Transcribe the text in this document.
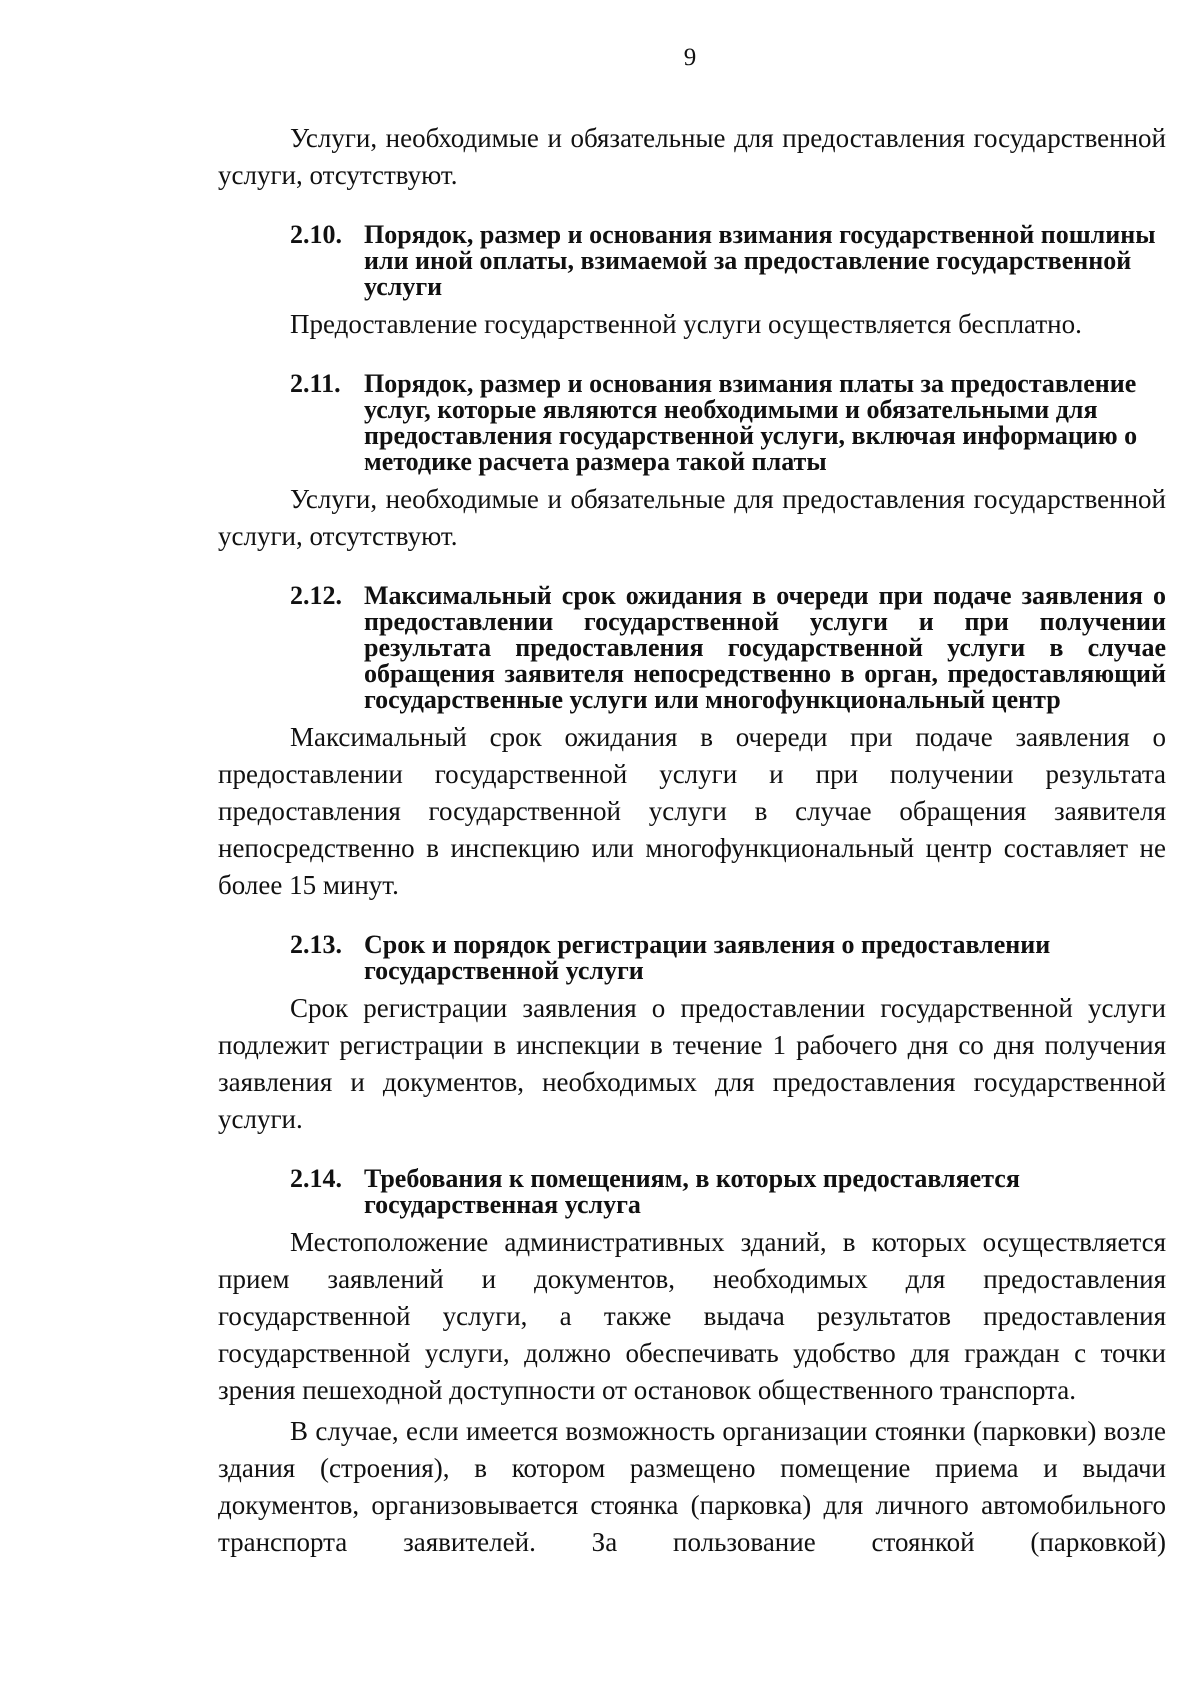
9

Услуги, необходимые и обязательные для предоставления государственной услуги, отсутствуют.

2.10. Порядок, размер и основания взимания государственной пошлины или иной оплаты, взимаемой за предоставление государственной услуги

Предоставление государственной услуги осуществляется бесплатно.

2.11. Порядок, размер и основания взимания платы за предоставление услуг, которые являются необходимыми и обязательными для предоставления государственной услуги, включая информацию о методике расчета размера такой платы

Услуги, необходимые и обязательные для предоставления государственной услуги, отсутствуют.

2.12. Максимальный срок ожидания в очереди при подаче заявления о предоставлении государственной услуги и при получении результата предоставления государственной услуги в случае обращения заявителя непосредственно в орган, предоставляющий государственные услуги или многофункциональный центр

Максимальный срок ожидания в очереди при подаче заявления о предоставлении государственной услуги и при получении результата предоставления государственной услуги в случае обращения заявителя непосредственно в инспекцию или многофункциональный центр составляет не более 15 минут.

2.13. Срок и порядок регистрации заявления о предоставлении государственной услуги

Срок регистрации заявления о предоставлении государственной услуги подлежит регистрации в инспекции в течение 1 рабочего дня со дня получения заявления и документов, необходимых для предоставления государственной услуги.

2.14. Требования к помещениям, в которых предоставляется государственная услуга

Местоположение административных зданий, в которых осуществляется прием заявлений и документов, необходимых для предоставления государственной услуги, а также выдача результатов предоставления государственной услуги, должно обеспечивать удобство для граждан с точки зрения пешеходной доступности от остановок общественного транспорта.

В случае, если имеется возможность организации стоянки (парковки) возле здания (строения), в котором размещено помещение приема и выдачи документов, организовывается стоянка (парковка) для личного автомобильного транспорта заявителей. За пользование стоянкой (парковкой)
